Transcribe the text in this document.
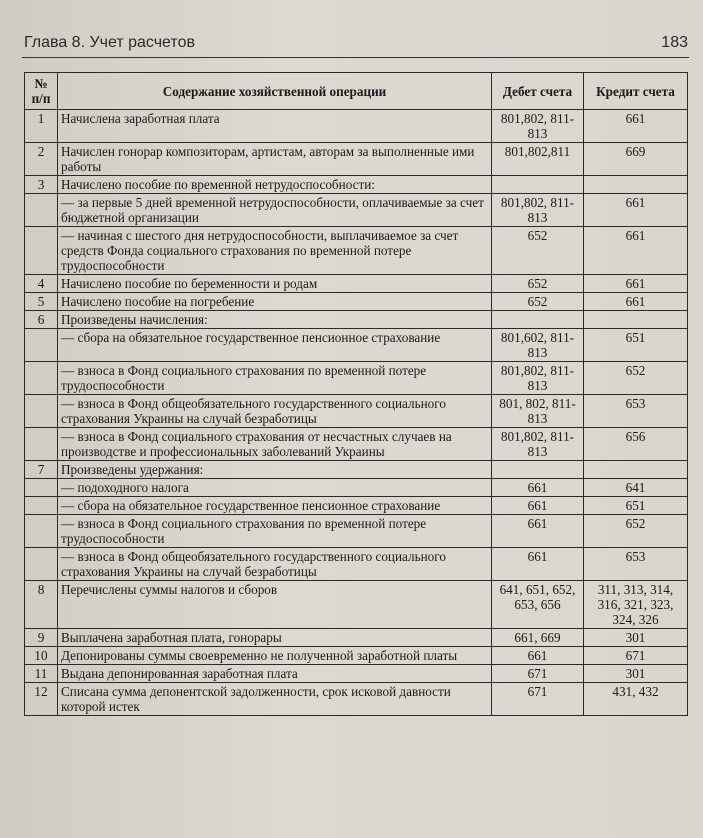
Глава 8. Учет расчетов	183
№ п/п	Содержание хозяйственной операции	Дебет счета	Кредит счета
1	Начислена заработная плата	801,802, 811-813	661
2	Начислен гонорар композиторам, артистам, авторам за выполненные ими работы	801,802,811	669
3	Начислено пособие по временной нетрудоспособности:		
	— за первые 5 дней временной нетрудоспособности, оплачиваемые за счет бюджетной организации	801,802, 811-813	661
	— начиная с шестого дня нетрудоспособности, выплачиваемое за счет средств Фонда социального страхования по временной потере трудоспособности	652	661
4	Начислено пособие по беременности и родам	652	661
5	Начислено пособие на погребение	652	661
6	Произведены начисления:		
	— сбора на обязательное государственное пенсионное страхование	801,602, 811-813	651
	— взноса в Фонд социального страхования по временной потере трудоспособности	801,802, 811-813	652
	— взноса в Фонд общеобязательного государственного социального страхования Украины на случай безработицы	801, 802, 811-813	653
	— взноса в Фонд социального страхования от несчастных случаев на производстве и профессиональных заболеваний Украины	801,802, 811-813	656
7	Произведены удержания:		
	— подоходного налога	661	641
	— сбора на обязательное государственное пенсионное страхование	661	651
	— взноса в Фонд социального страхования по временной потере трудоспособности	661	652
	— взноса в Фонд общеобязательного государственного социального страхования Украины на случай безработицы	661	653
8	Перечислены суммы налогов и сборов	641, 651, 652, 653, 656	311, 313, 314, 316, 321, 323, 324, 326
9	Выплачена заработная плата, гонорары	661, 669	301
10	Депонированы суммы своевременно не полученной заработной платы	661	671
11	Выдана депонированная заработная плата	671	301
12	Списана сумма депонентской задолженности, срок исковой давности которой истек	671	431, 432
